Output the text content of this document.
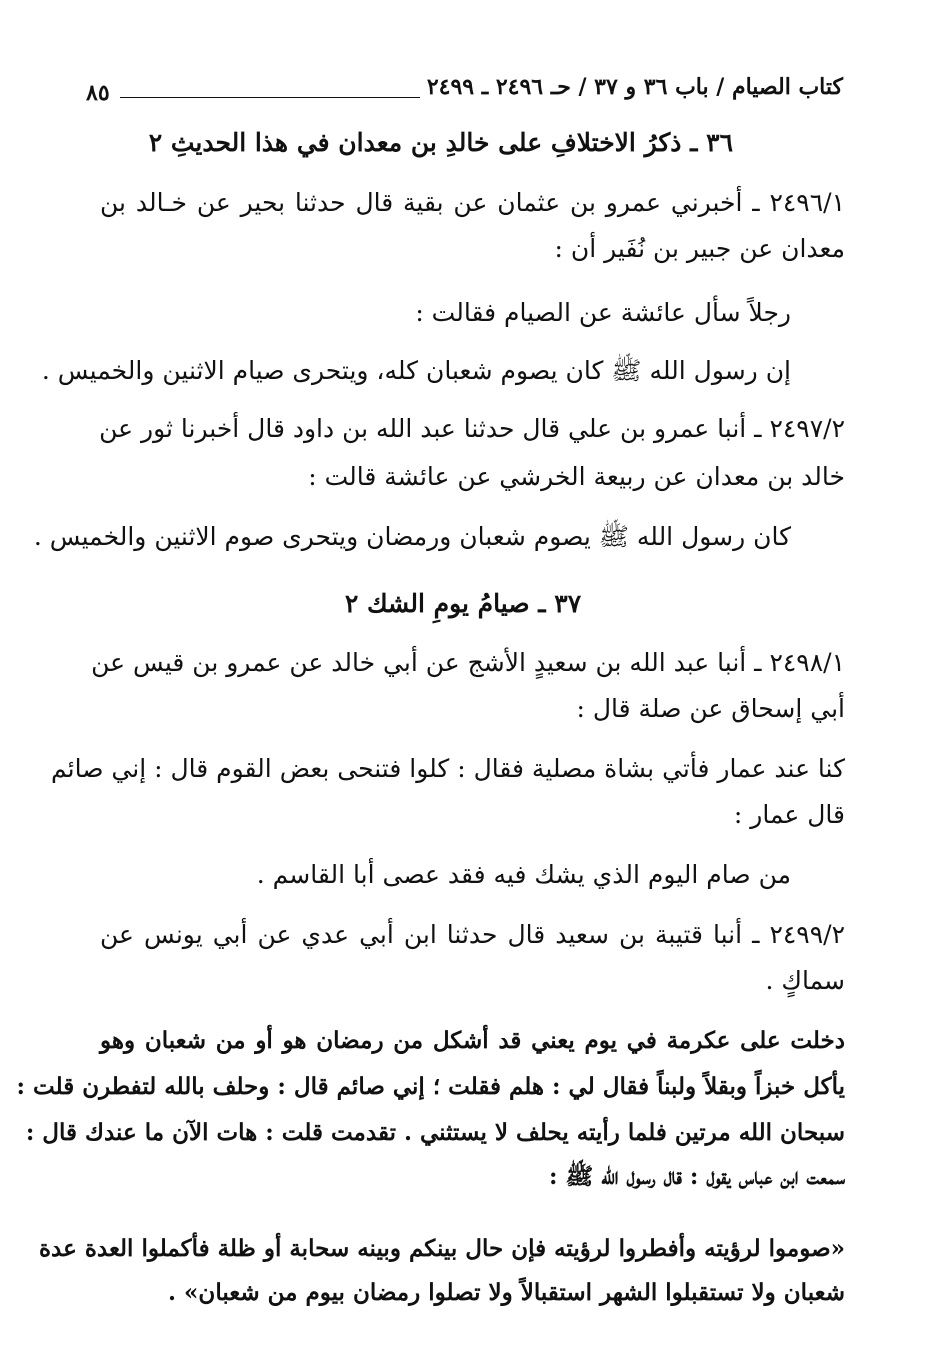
كتاب الصيام / باب ٣٦ و ٣٧ / حـ ٢٤٩٦ ـ ٢٤٩٩
٨٥
٣٦ ـ ذكرُ الاختلافِ على خالدِ بن معدان في هذا الحديثِ ٢
٢٤٩٦/١ ـ أخبرني عمرو بن عثمان عن بقية قال حدثنا بحير عن خـالد بن
معدان عن جبير بن نُفَير أن :
رجلاً سأل عائشة عن الصيام فقالت :
إن رسول الله ﷺ كان يصوم شعبان كله، ويتحرى صيام الاثنين والخميس .
٢٤٩٧/٢ ـ أنبا عمرو بن علي قال حدثنا عبد الله بن داود قال أخبرنا ثور عن
خالد بن معدان عن ربيعة الخرشي عن عائشة قالت :
كان رسول الله ﷺ يصوم شعبان ورمضان ويتحرى صوم الاثنين والخميس .
٣٧ ـ صيامُ يومِ الشك ٢
٢٤٩٨/١ ـ أنبا عبد الله بن سعيدٍ الأشج عن أبي خالد عن عمرو بن قيس عن
أبي إسحاق عن صلة قال :
كنا عند عمار فأتي بشاة مصلية فقال : كلوا فتنحى بعض القوم قال : إني صائم
قال عمار :
من صام اليوم الذي يشك فيه فقد عصى أبا القاسم .
٢٤٩٩/٢ ـ أنبا قتيبة بن سعيد قال حدثنا ابن أبي عدي عن أبي يونس عن
سماكٍ .
دخلت على عكرمة في يوم يعني قد أشكل من رمضان هو أو من شعبان وهو
يأكل خبزاً وبقلاً ولبناً فقال لي : هلم فقلت ؛ إني صائم قال : وحلف بالله لتفطرن قلت :
سبحان الله مرتين فلما رأيته يحلف لا يستثني . تقدمت قلت : هات الآن ما عندك قال :
سمعت ابن عباس يقول : قال رسول الله ﷺ :
«صوموا لرؤيته وأفطروا لرؤيته فإن حال بينكم وبينه سحابة أو ظلة فأكملوا العدة عدة
شعبان ولا تستقبلوا الشهر استقبالاً ولا تصلوا رمضان بيوم من شعبان» .
